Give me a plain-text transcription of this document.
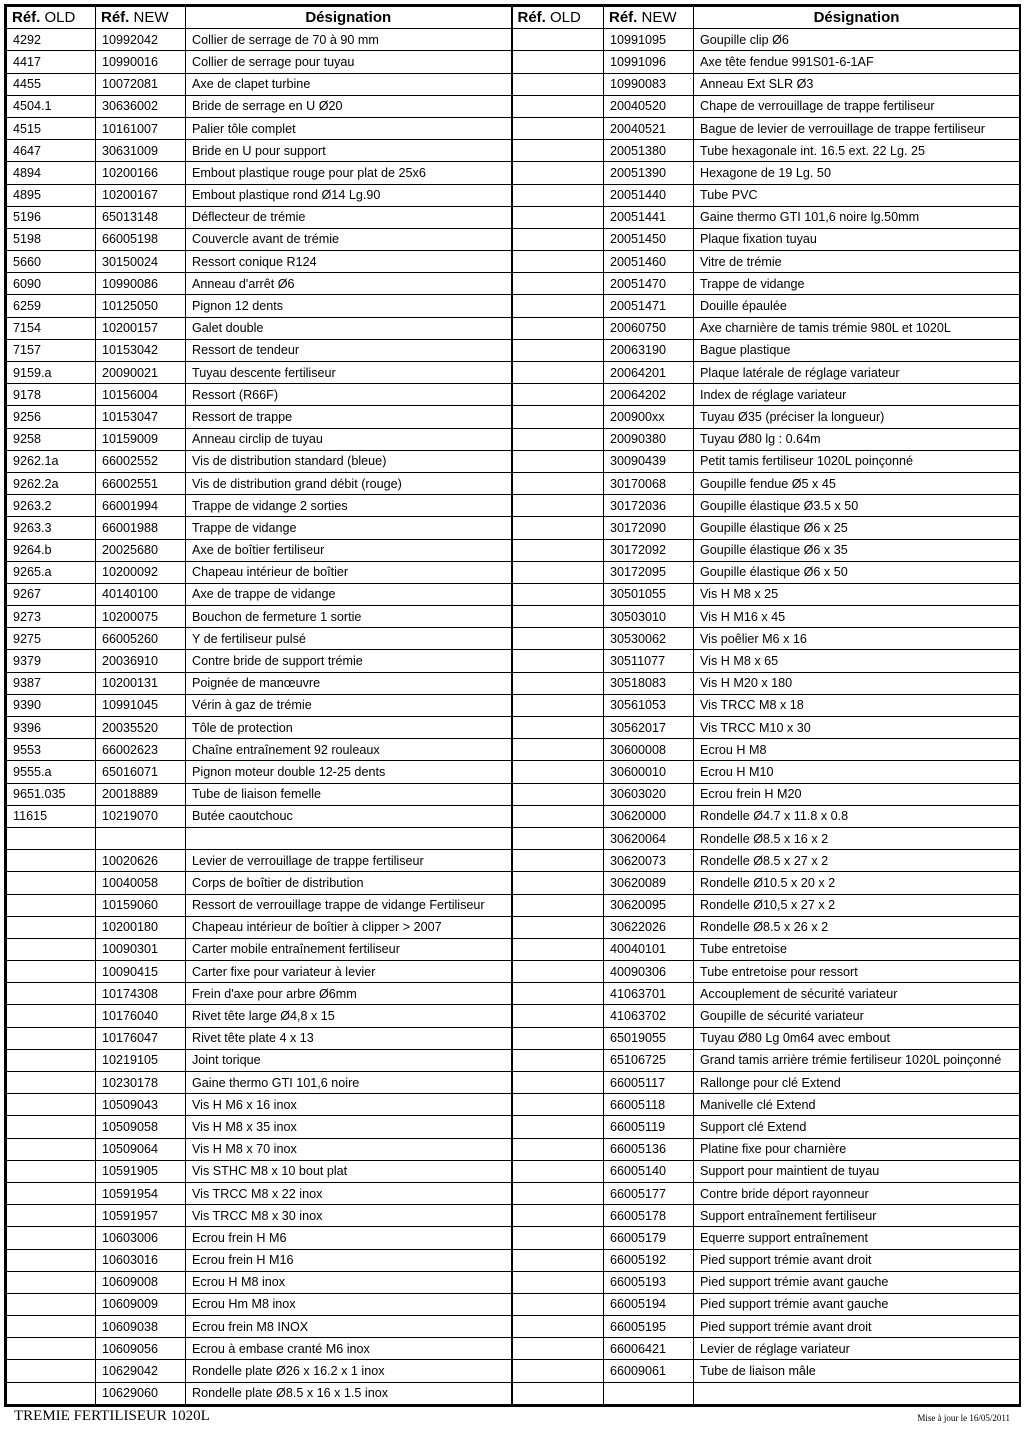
Réf. OLD	Réf. NEW	Désignation	Réf. OLD	Réf. NEW	Désignation
4292	10992042	Collier de serrage de 70 à 90 mm		10991095	Goupille clip Ø6
4417	10990016	Collier de serrage pour tuyau		10991096	Axe tête fendue 991S01-6-1AF
4455	10072081	Axe de clapet turbine		10990083	Anneau Ext SLR Ø3
4504.1	30636002	Bride de serrage en U Ø20		20040520	Chape de verrouillage de trappe fertiliseur
4515	10161007	Palier tôle complet		20040521	Bague de levier de verrouillage de trappe fertiliseur
4647	30631009	Bride en U pour support		20051380	Tube hexagonale int. 16.5 ext. 22 Lg. 25
4894	10200166	Embout plastique rouge pour plat de 25x6		20051390	Hexagone de 19 Lg. 50
4895	10200167	Embout plastique rond Ø14 Lg.90		20051440	Tube PVC
5196	65013148	Déflecteur de trémie		20051441	Gaine thermo GTI 101,6 noire lg.50mm
5198	66005198	Couvercle avant de trémie		20051450	Plaque fixation tuyau
5660	30150024	Ressort conique R124		20051460	Vitre de trémie
6090	10990086	Anneau d'arrêt Ø6		20051470	Trappe de vidange
6259	10125050	Pignon 12 dents		20051471	Douille épaulée
7154	10200157	Galet double		20060750	Axe charnière de tamis trémie 980L et 1020L
7157	10153042	Ressort de tendeur		20063190	Bague plastique
9159.a	20090021	Tuyau descente fertiliseur		20064201	Plaque latérale de réglage variateur
9178	10156004	Ressort (R66F)		20064202	Index de réglage variateur
9256	10153047	Ressort de trappe		200900xx	Tuyau Ø35 (préciser la longueur)
9258	10159009	Anneau circlip de tuyau		20090380	Tuyau Ø80 lg : 0.64m
9262.1a	66002552	Vis de distribution standard (bleue)		30090439	Petit tamis fertiliseur 1020L poinçonné
9262.2a	66002551	Vis de distribution grand débit (rouge)		30170068	Goupille fendue Ø5 x 45
9263.2	66001994	Trappe de vidange 2 sorties		30172036	Goupille élastique Ø3.5 x 50
9263.3	66001988	Trappe de vidange		30172090	Goupille élastique Ø6 x 25
9264.b	20025680	Axe de boîtier fertiliseur		30172092	Goupille élastique Ø6 x 35
9265.a	10200092	Chapeau intérieur de boîtier		30172095	Goupille élastique Ø6 x 50
9267	40140100	Axe de trappe de vidange		30501055	Vis H M8 x 25
9273	10200075	Bouchon de fermeture 1 sortie		30503010	Vis H M16 x 45
9275	66005260	Y de fertiliseur pulsé		30530062	Vis poêlier M6 x 16
9379	20036910	Contre bride de support trémie		30511077	Vis H M8 x 65
9387	10200131	Poignée de manœuvre		30518083	Vis H M20 x 180
9390	10991045	Vérin à gaz de trémie		30561053	Vis TRCC M8 x 18
9396	20035520	Tôle de protection		30562017	Vis TRCC M10 x 30
9553	66002623	Chaîne entraînement 92 rouleaux		30600008	Ecrou H M8
9555.a	65016071	Pignon moteur double 12-25 dents		30600010	Ecrou H M10
9651.035	20018889	Tube de liaison femelle		30603020	Ecrou frein H M20
11615	10219070	Butée caoutchouc		30620000	Rondelle Ø4.7 x 11.8 x 0.8
				30620064	Rondelle Ø8.5 x 16 x 2
	10020626	Levier de verrouillage de trappe fertiliseur		30620073	Rondelle Ø8.5 x 27 x 2
	10040058	Corps de boîtier de distribution		30620089	Rondelle Ø10.5 x 20 x 2
	10159060	Ressort de verrouillage trappe de vidange Fertiliseur		30620095	Rondelle Ø10,5 x 27 x 2
	10200180	Chapeau intérieur de boîtier à clipper > 2007		30622026	Rondelle Ø8.5 x 26 x 2
	10090301	Carter mobile entraînement fertiliseur		40040101	Tube entretoise
	10090415	Carter fixe pour variateur à levier		40090306	Tube entretoise pour ressort
	10174308	Frein d'axe pour arbre Ø6mm		41063701	Accouplement de sécurité variateur
	10176040	Rivet tête large Ø4,8 x 15		41063702	Goupille de sécurité variateur
	10176047	Rivet tête plate 4 x 13		65019055	Tuyau Ø80 Lg 0m64 avec embout
	10219105	Joint torique		65106725	Grand tamis arrière trémie fertiliseur 1020L poinçonné
	10230178	Gaine thermo GTI 101,6 noire		66005117	Rallonge pour clé Extend
	10509043	Vis H M6 x 16 inox		66005118	Manivelle clé Extend
	10509058	Vis H M8 x 35 inox		66005119	Support clé Extend
	10509064	Vis H M8 x 70 inox		66005136	Platine fixe pour charnière
	10591905	Vis STHC M8 x 10 bout plat		66005140	Support pour maintient de tuyau
	10591954	Vis TRCC M8 x 22 inox		66005177	Contre bride déport rayonneur
	10591957	Vis TRCC M8 x 30 inox		66005178	Support entraînement fertiliseur
	10603006	Ecrou frein H M6		66005179	Equerre support entraînement
	10603016	Ecrou frein H M16		66005192	Pied support trémie avant droit
	10609008	Ecrou H M8 inox		66005193	Pied support trémie avant gauche
	10609009	Ecrou Hm M8 inox		66005194	Pied support trémie avant gauche
	10609038	Ecrou frein M8 INOX		66005195	Pied support trémie avant droit
	10609056	Ecrou à embase cranté M6 inox		66006421	Levier de réglage variateur
	10629042	Rondelle plate Ø26 x 16.2 x 1 inox		66009061	Tube de liaison mâle
	10629060	Rondelle plate Ø8.5 x 16 x 1.5 inox			
TREMIE FERTILISEUR 1020L	Mise à jour le 16/05/2011
